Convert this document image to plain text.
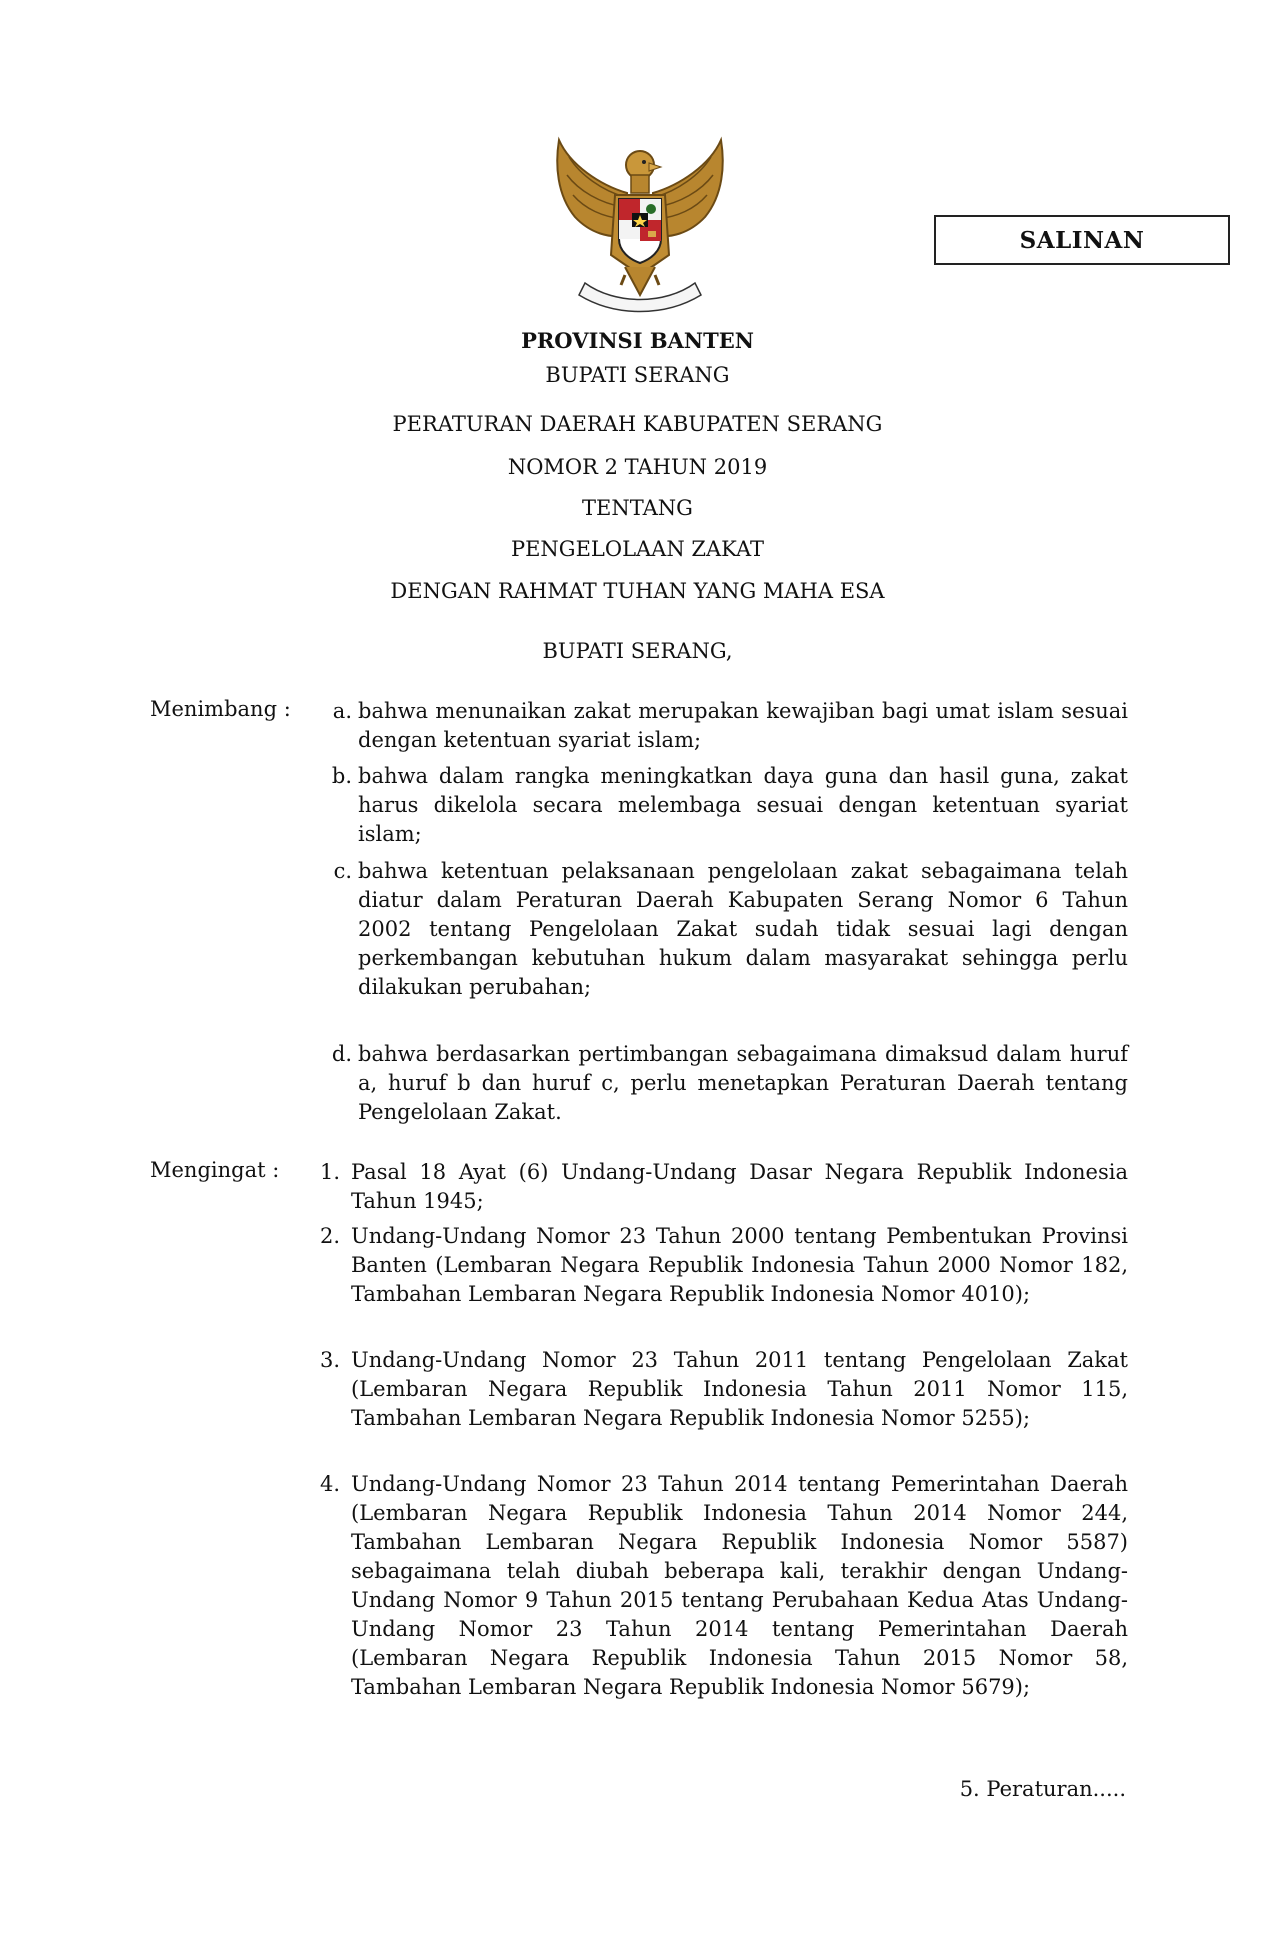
SALINAN
PROVINSI BANTEN
BUPATI SERANG
PERATURAN DAERAH KABUPATEN SERANG
NOMOR 2 TAHUN 2019
TENTANG
PENGELOLAAN ZAKAT
DENGAN RAHMAT TUHAN YANG MAHA ESA
BUPATI SERANG,
Menimbang :	a. bahwa menunaikan zakat merupakan kewajiban bagi umat islam sesuai dengan ketentuan syariat islam;
b. bahwa dalam rangka meningkatkan daya guna dan hasil guna, zakat harus dikelola secara melembaga sesuai dengan ketentuan syariat islam;
c. bahwa ketentuan pelaksanaan pengelolaan zakat sebagaimana telah diatur dalam Peraturan Daerah Kabupaten Serang Nomor 6 Tahun 2002 tentang Pengelolaan Zakat sudah tidak sesuai lagi dengan perkembangan kebutuhan hukum dalam masyarakat sehingga perlu dilakukan perubahan;
d. bahwa berdasarkan pertimbangan sebagaimana dimaksud dalam huruf a, huruf b dan huruf c, perlu menetapkan Peraturan Daerah tentang Pengelolaan Zakat.
Mengingat :	1. Pasal 18 Ayat (6) Undang-Undang Dasar Negara Republik Indonesia Tahun 1945;
2. Undang-Undang Nomor 23 Tahun 2000 tentang Pembentukan Provinsi Banten (Lembaran Negara Republik Indonesia Tahun 2000 Nomor 182, Tambahan Lembaran Negara Republik Indonesia Nomor 4010);
3. Undang-Undang Nomor 23 Tahun 2011 tentang Pengelolaan Zakat (Lembaran Negara Republik Indonesia Tahun 2011 Nomor 115, Tambahan Lembaran Negara Republik Indonesia Nomor 5255);
4. Undang-Undang Nomor 23 Tahun 2014 tentang Pemerintahan Daerah (Lembaran Negara Republik Indonesia Tahun 2014 Nomor 244, Tambahan Lembaran Negara Republik Indonesia Nomor 5587) sebagaimana telah diubah beberapa kali, terakhir dengan Undang-Undang Nomor 9 Tahun 2015 tentang Perubahaan Kedua Atas Undang-Undang Nomor 23 Tahun 2014 tentang Pemerintahan Daerah (Lembaran Negara Republik Indonesia Tahun 2015 Nomor 58, Tambahan Lembaran Negara Republik Indonesia Nomor 5679);
5. Peraturan.....
